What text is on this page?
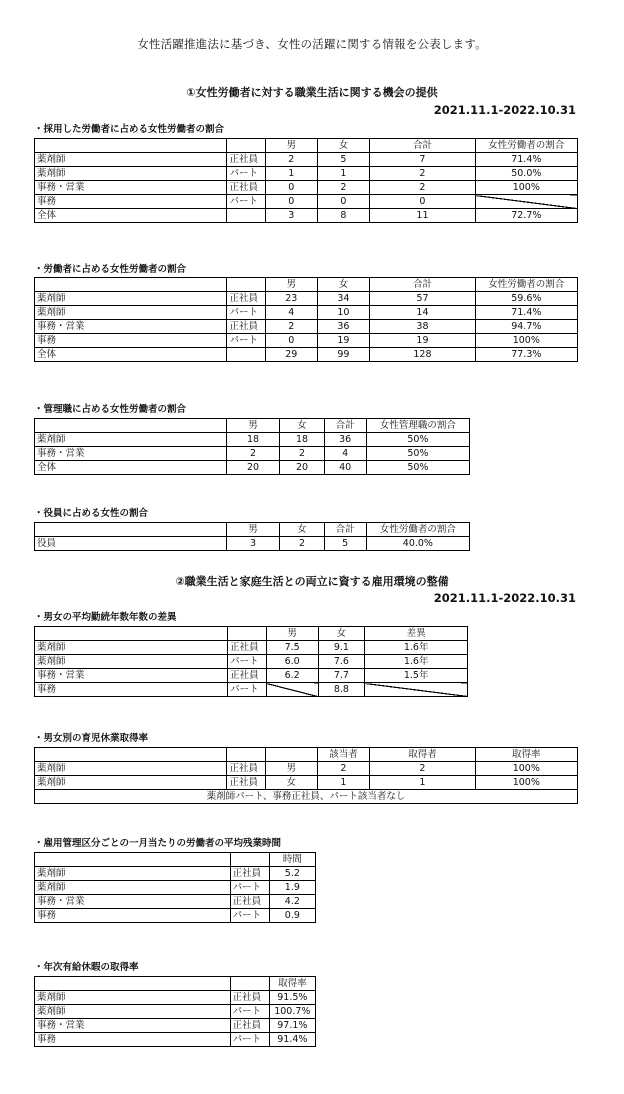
女性活躍推進法に基づき、女性の活躍に関する情報を公表します。
①女性労働者に対する職業生活に関する機会の提供
2021.11.1-2022.10.31
・採用した労働者に占める女性労働者の割合
		男	女	合計	女性労働者の割合
薬剤師	正社員	2	5	7	71.4%
薬剤師	パート	1	1	2	50.0%
事務・営業	正社員	0	2	2	100%
事務	パート	0	0	0	
全体		3	8	11	72.7%
・労働者に占める女性労働者の割合
		男	女	合計	女性労働者の割合
薬剤師	正社員	23	34	57	59.6%
薬剤師	パート	4	10	14	71.4%
事務・営業	正社員	2	36	38	94.7%
事務	パート	0	19	19	100%
全体		29	99	128	77.3%
・管理職に占める女性労働者の割合
	男	女	合計	女性管理職の割合
薬剤師	18	18	36	50%
事務・営業	2	2	4	50%
全体	20	20	40	50%
・役員に占める女性の割合
	男	女	合計	女性労働者の割合
役員	3	2	5	40.0%
②職業生活と家庭生活との両立に資する雇用環境の整備
2021.11.1-2022.10.31
・男女の平均勤続年数年数の差異
		男	女	差異
薬剤師	正社員	7.5	9.1	1.6年
薬剤師	パート	6.0	7.6	1.6年
事務・営業	正社員	6.2	7.7	1.5年
事務	パート		8.8	
・男女別の育児休業取得率
			該当者	取得者	取得率
薬剤師	正社員	男	2	2	100%
薬剤師	正社員	女	1	1	100%
薬剤師パート、事務正社員、パート該当者なし					
・雇用管理区分ごとの一月当たりの労働者の平均残業時間
		時間
薬剤師	正社員	5.2
薬剤師	パート	1.9
事務・営業	正社員	4.2
事務	パート	0.9
・年次有給休暇の取得率
		取得率
薬剤師	正社員	91.5%
薬剤師	パート	100.7%
事務・営業	正社員	97.1%
事務	パート	91.4%
